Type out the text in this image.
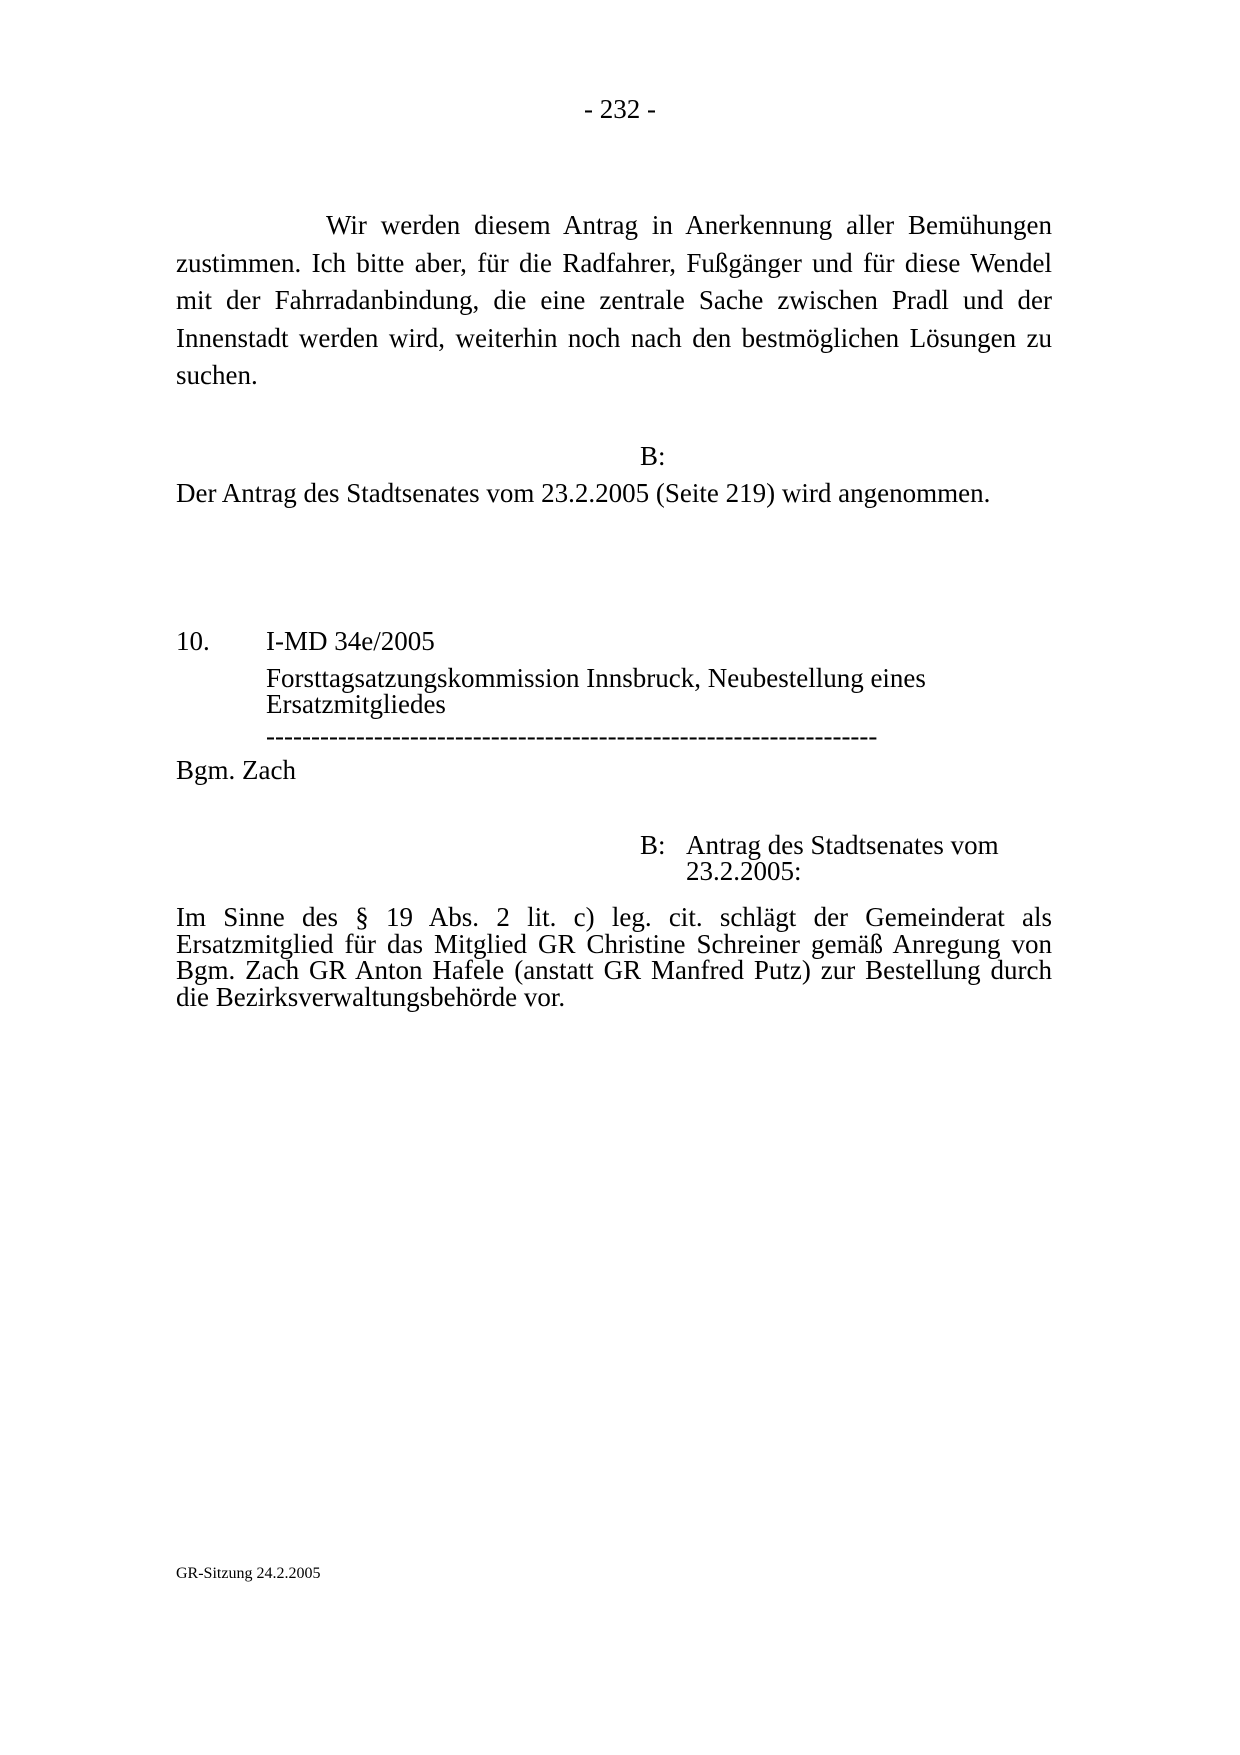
- 232 -

Wir werden diesem Antrag in Anerkennung aller Bemühungen zustimmen. Ich bitte aber, für die Radfahrer, Fußgänger und für diese Wendel mit der Fahrradanbindung, die eine zentrale Sache zwischen Pradl und der Innenstadt werden wird, weiterhin noch nach den bestmöglichen Lösungen zu suchen.

B:
Der Antrag des Stadtsenates vom 23.2.2005 (Seite 219) wird angenommen.
10. I-MD 34e/2005
Forsttagsatzungskommission Innsbruck, Neubestellung eines Ersatzmitgliedes
--------------------------------------------------------------------
Bgm. Zach
B: Antrag des Stadtsenates vom 23.2.2005:

Im Sinne des § 19 Abs. 2 lit. c) leg. cit. schlägt der Gemeinderat als Ersatzmitglied für das Mitglied GR Christine Schreiner gemäß Anregung von Bgm. Zach GR Anton Hafele (anstatt GR Manfred Putz) zur Bestellung durch die Bezirksverwaltungsbehörde vor.

GR-Sitzung 24.2.2005
